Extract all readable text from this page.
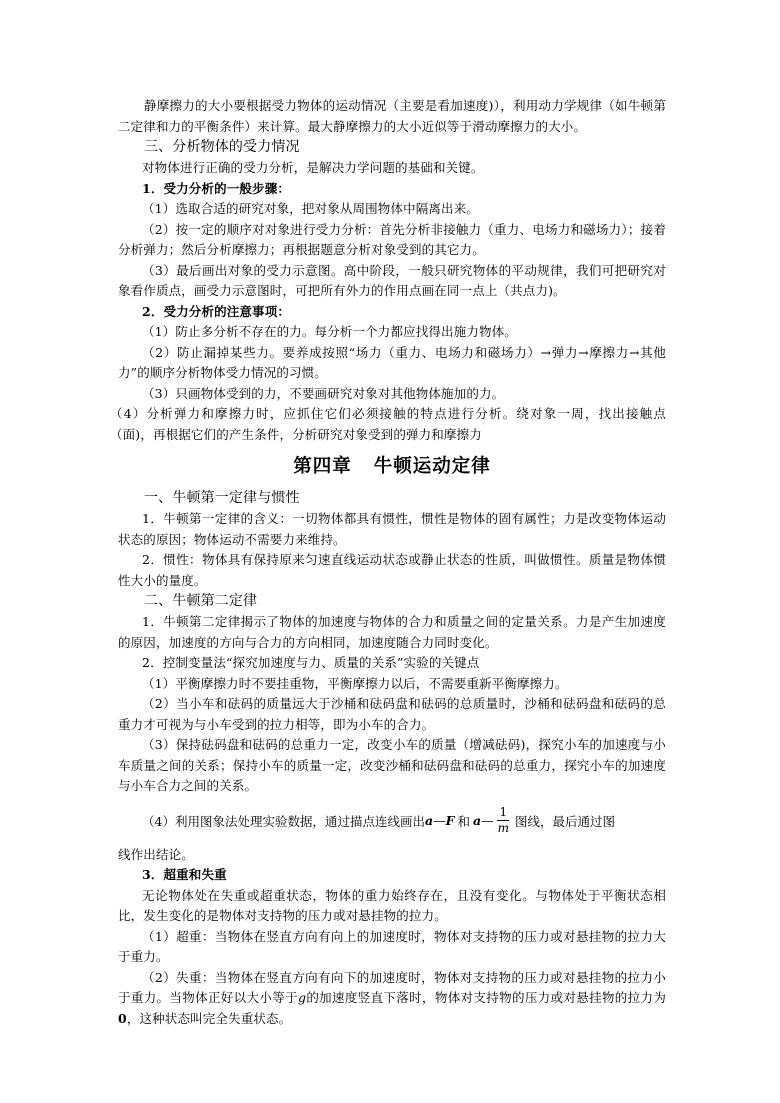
静摩擦力的大小要根据受力物体的运动情况（主要是看加速度)），利用动力学规律（如牛顿第二定律和力的平衡条件）来计算。最大静摩擦力的大小近似等于滑动摩擦力的大小。

三、分析物体的受力情况

对物体进行正确的受力分析，是解决力学问题的基础和关键。

1．受力分析的一般步骤：

（1）选取合适的研究对象，把对象从周围物体中隔离出来。

（2）按一定的顺序对对象进行受力分析：首先分析非接触力（重力、电场力和磁场力）；接着分析弹力；然后分析摩擦力；再根据题意分析对象受到的其它力。

（3）最后画出对象的受力示意图。高中阶段，一般只研究物体的平动规律，我们可把研究对象看作质点，画受力示意图时，可把所有外力的作用点画在同一点上（共点力)。

2．受力分析的注意事项：

（1）防止多分析不存在的力。每分析一个力都应找得出施力物体。

（2）防止漏掉某些力。要养成按照“场力（重力、电场力和磁场力）→弹力→摩擦力→其他力”的顺序分析物体受力情况的习惯。

（3）只画物体受到的力，不要画研究对象对其他物体施加的力。

（4）分析弹力和摩擦力时，应抓住它们必须接触的特点进行分析。绕对象一周，找出接触点（面)，再根据它们的产生条件，分析研究对象受到的弹力和摩擦力

第四章 牛顿运动定律

一、牛顿第一定律与惯性

1．牛顿第一定律的含义：一切物体都具有惯性，惯性是物体的固有属性；力是改变物体运动状态的原因；物体运动不需要力来维持。

2．惯性：物体具有保持原来匀速直线运动状态或静止状态的性质，叫做惯性。质量是物体惯性大小的量度。

二、牛顿第二定律

1．牛顿第二定律揭示了物体的加速度与物体的合力和质量之间的定量关系。力是产生加速度的原因，加速度的方向与合力的方向相同，加速度随合力同时变化。

2．控制变量法“探究加速度与力、质量的关系”实验的关键点

（1）平衡摩擦力时不要挂重物，平衡摩擦力以后，不需要重新平衡摩擦力。

（2）当小车和砝码的质量远大于沙桶和砝码盘和砝码的总质量时，沙桶和砝码盘和砝码的总重力才可视为与小车受到的拉力相等，即为小车的合力。

（3）保持砝码盘和砝码的总重力一定，改变小车的质量（增减砝码)，探究小车的加速度与小车质量之间的关系；保持小车的质量一定，改变沙桶和砝码盘和砝码的总重力，探究小车的加速度与小车合力之间的关系。

（4）利用图象法处理实验数据，通过描点连线画出 a — F 和 a — $\frac{1}{m}$ 图线，最后通过图

线作出结论。

3．超重和失重

无论物体处在失重或超重状态，物体的重力始终存在，且没有变化。与物体处于平衡状态相比，发生变化的是物体对支持物的压力或对悬挂物的拉力。

（1）超重：当物体在竖直方向有向上的加速度时，物体对支持物的压力或对悬挂物的拉力大于重力。

（2）失重：当物体在竖直方向有向下的加速度时，物体对支持物的压力或对悬挂物的拉力小于重力。当物体正好以大小等于g的加速度竖直下落时，物体对支持物的压力或对悬挂物的拉力为0，这种状态叫完全失重状态。
